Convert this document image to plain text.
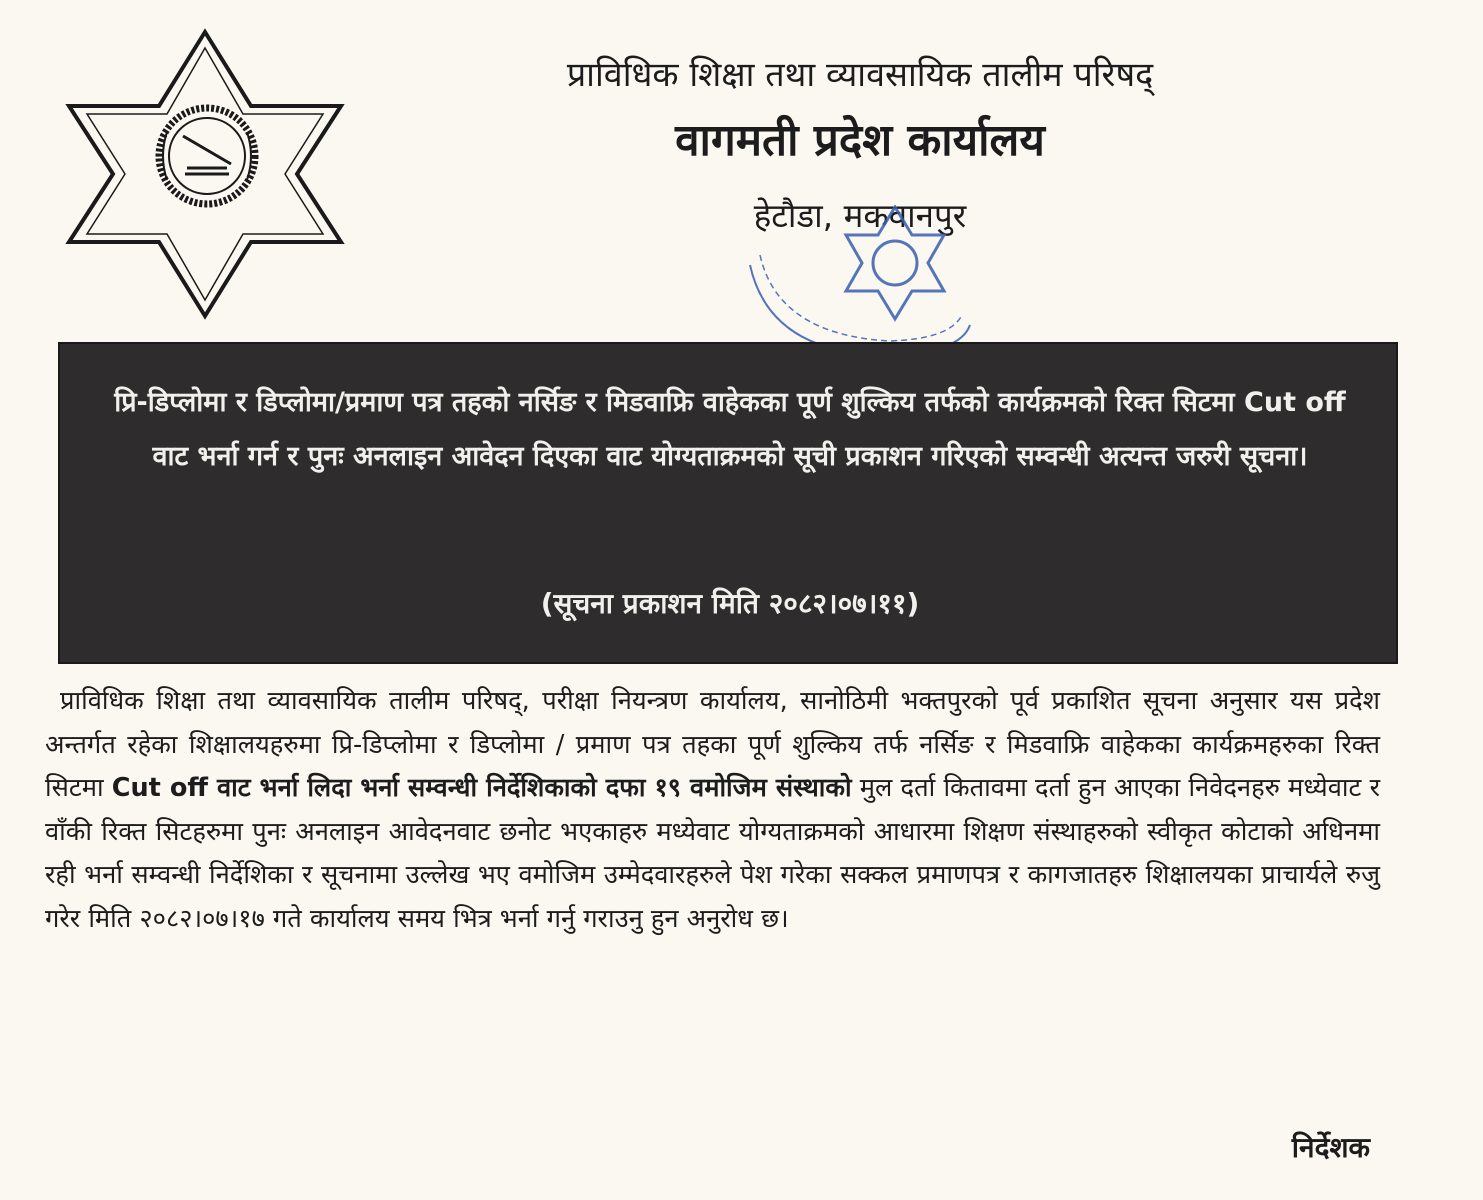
प्राविधिक शिक्षा तथा व्यावसायिक तालीम परिषद्
वागमती प्रदेश कार्यालय
हेटौडा, मकवानपुर
प्रि-डिप्लोमा र डिप्लोमा/प्रमाण पत्र तहको नर्सिङ र मिडवाफ्रि वाहेकका पूर्ण शुल्किय तर्फको कार्यक्रमको रिक्त सिटमा Cut off वाट भर्ना गर्न र पुनः अनलाइन आवेदन दिएका वाट योग्यताक्रमको सूची प्रकाशन गरिएको सम्वन्धी अत्यन्त जरुरी सूचना।
(सूचना प्रकाशन मिति २०८२।०७।११)
प्राविधिक शिक्षा तथा व्यावसायिक तालीम परिषद्, परीक्षा नियन्त्रण कार्यालय, सानोठिमी भक्तपुरको पूर्व प्रकाशित सूचना अनुसार यस प्रदेश अन्तर्गत रहेका शिक्षालयहरुमा प्रि-डिप्लोमा र डिप्लोमा / प्रमाण पत्र तहका पूर्ण शुल्किय तर्फ नर्सिङ र मिडवाफ्रि वाहेकका कार्यक्रमहरुका रिक्त सिटमा Cut off वाट भर्ना लिदा भर्ना सम्वन्धी निर्देशिकाको दफा १९ वमोजिम संस्थाको मुल दर्ता कितावमा दर्ता हुन आएका निवेदनहरु मध्येवाट र वाँकी रिक्त सिटहरुमा पुनः अनलाइन आवेदनवाट छनोट भएकाहरु मध्येवाट योग्यताक्रमको आधारमा शिक्षण संस्थाहरुको स्वीकृत कोटाको अधिनमा रही भर्ना सम्वन्धी निर्देशिका र सूचनामा उल्लेख भए वमोजिम उम्मेदवारहरुले पेश गरेका सक्कल प्रमाणपत्र र कागजातहरु शिक्षालयका प्राचार्यले रुजु गरेर मिति २०८२।०७।१७ गते कार्यालय समय भित्र भर्ना गर्नु गराउनु हुन अनुरोध छ।
निर्देशक
